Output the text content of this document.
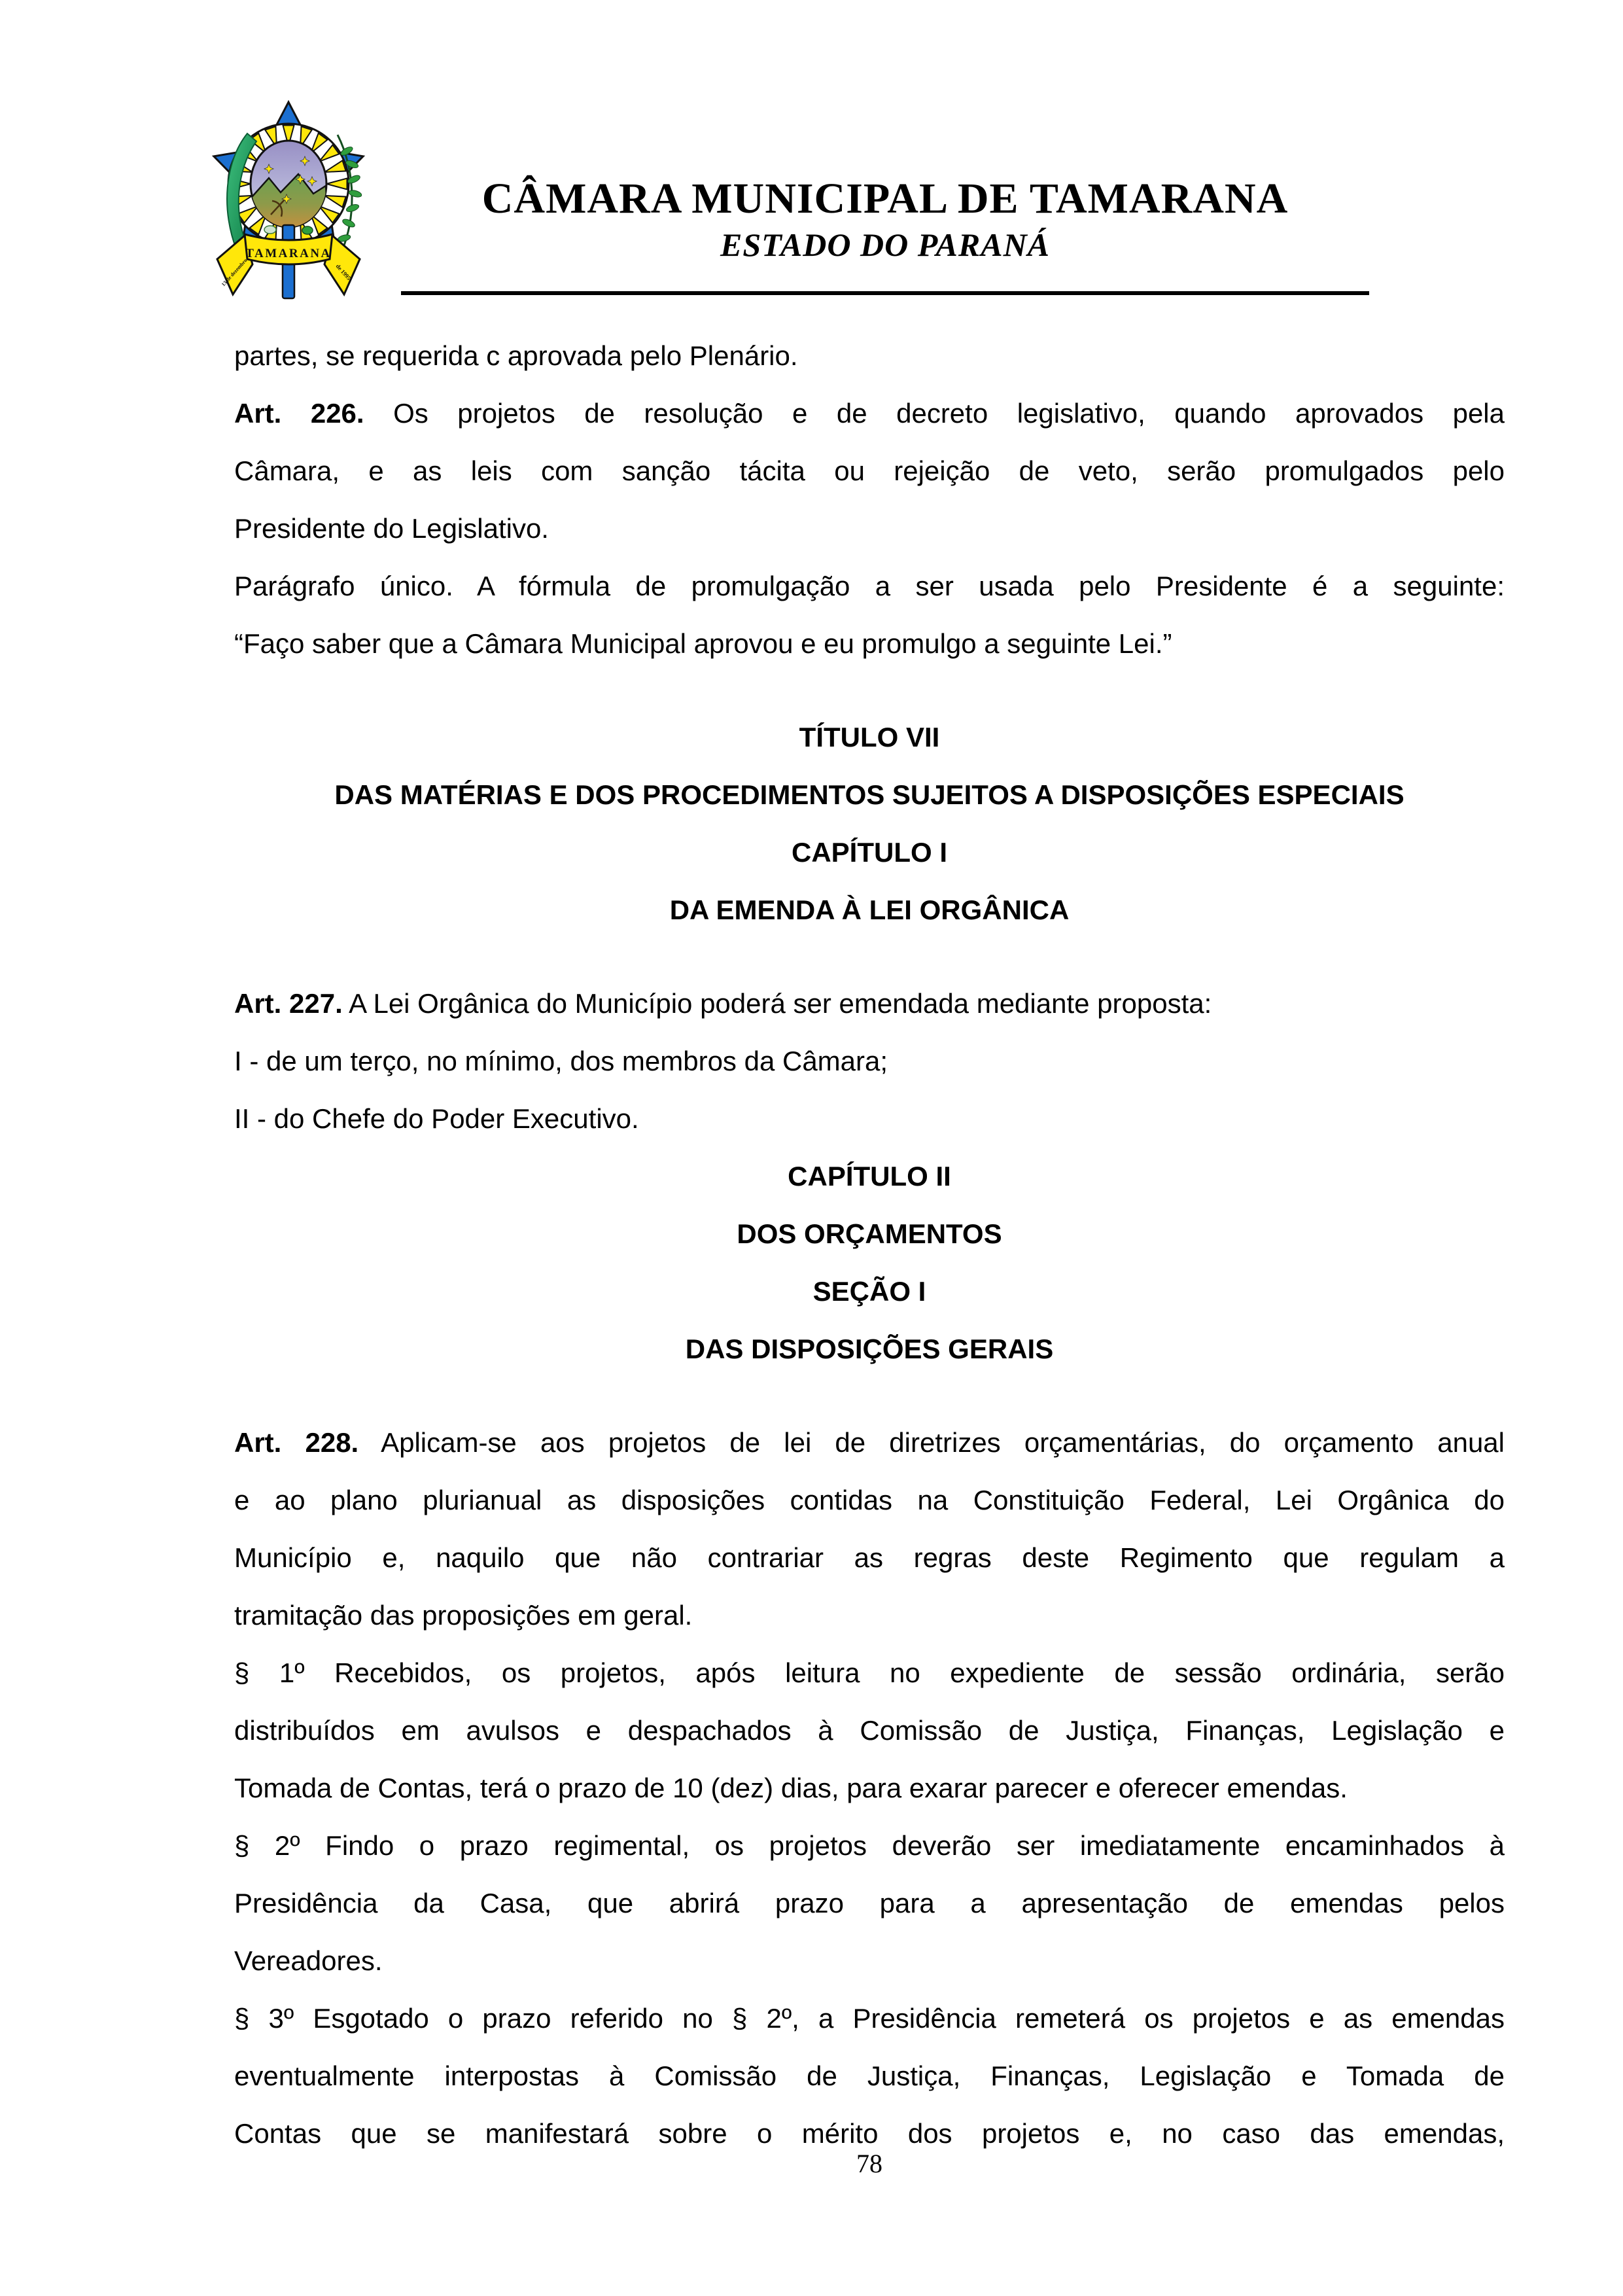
TAMARANA
13 de dezembro	de 1995
CÂMARA MUNICIPAL DE TAMARANA
ESTADO DO PARANÁ
partes, se requerida c aprovada pelo Plenário.
Art. 226. Os projetos de resolução e de decreto legislativo, quando aprovados pela
Câmara, e as leis com sanção tácita ou rejeição de veto, serão promulgados pelo
Presidente do Legislativo.
Parágrafo único. A fórmula de promulgação a ser usada pelo Presidente é a seguinte:
“Faço saber que a Câmara Municipal aprovou e eu promulgo a seguinte Lei.”
TÍTULO VII
DAS MATÉRIAS E DOS PROCEDIMENTOS SUJEITOS A DISPOSIÇÕES ESPECIAIS
CAPÍTULO I
DA EMENDA À LEI ORGÂNICA
Art. 227. A Lei Orgânica do Município poderá ser emendada mediante proposta:
I - de um terço, no mínimo, dos membros da Câmara;
II - do Chefe do Poder Executivo.
CAPÍTULO II
DOS ORÇAMENTOS
SEÇÃO I
DAS DISPOSIÇÕES GERAIS
Art. 228. Aplicam-se aos projetos de lei de diretrizes orçamentárias, do orçamento anual
e ao plano plurianual as disposições contidas na Constituição Federal, Lei Orgânica do
Município e, naquilo que não contrariar as regras deste Regimento que regulam a
tramitação das proposições em geral.
§ 1º Recebidos, os projetos, após leitura no expediente de sessão ordinária, serão
distribuídos em avulsos e despachados à Comissão de Justiça, Finanças, Legislação e
Tomada de Contas, terá o prazo de 10 (dez) dias, para exarar parecer e oferecer emendas.
§ 2º Findo o prazo regimental, os projetos deverão ser imediatamente encaminhados à
Presidência da Casa, que abrirá prazo para a apresentação de emendas pelos
Vereadores.
§ 3º Esgotado o prazo referido no § 2º, a Presidência remeterá os projetos e as emendas
eventualmente interpostas à Comissão de Justiça, Finanças, Legislação e Tomada de
Contas que se manifestará sobre o mérito dos projetos e, no caso das emendas,
78
